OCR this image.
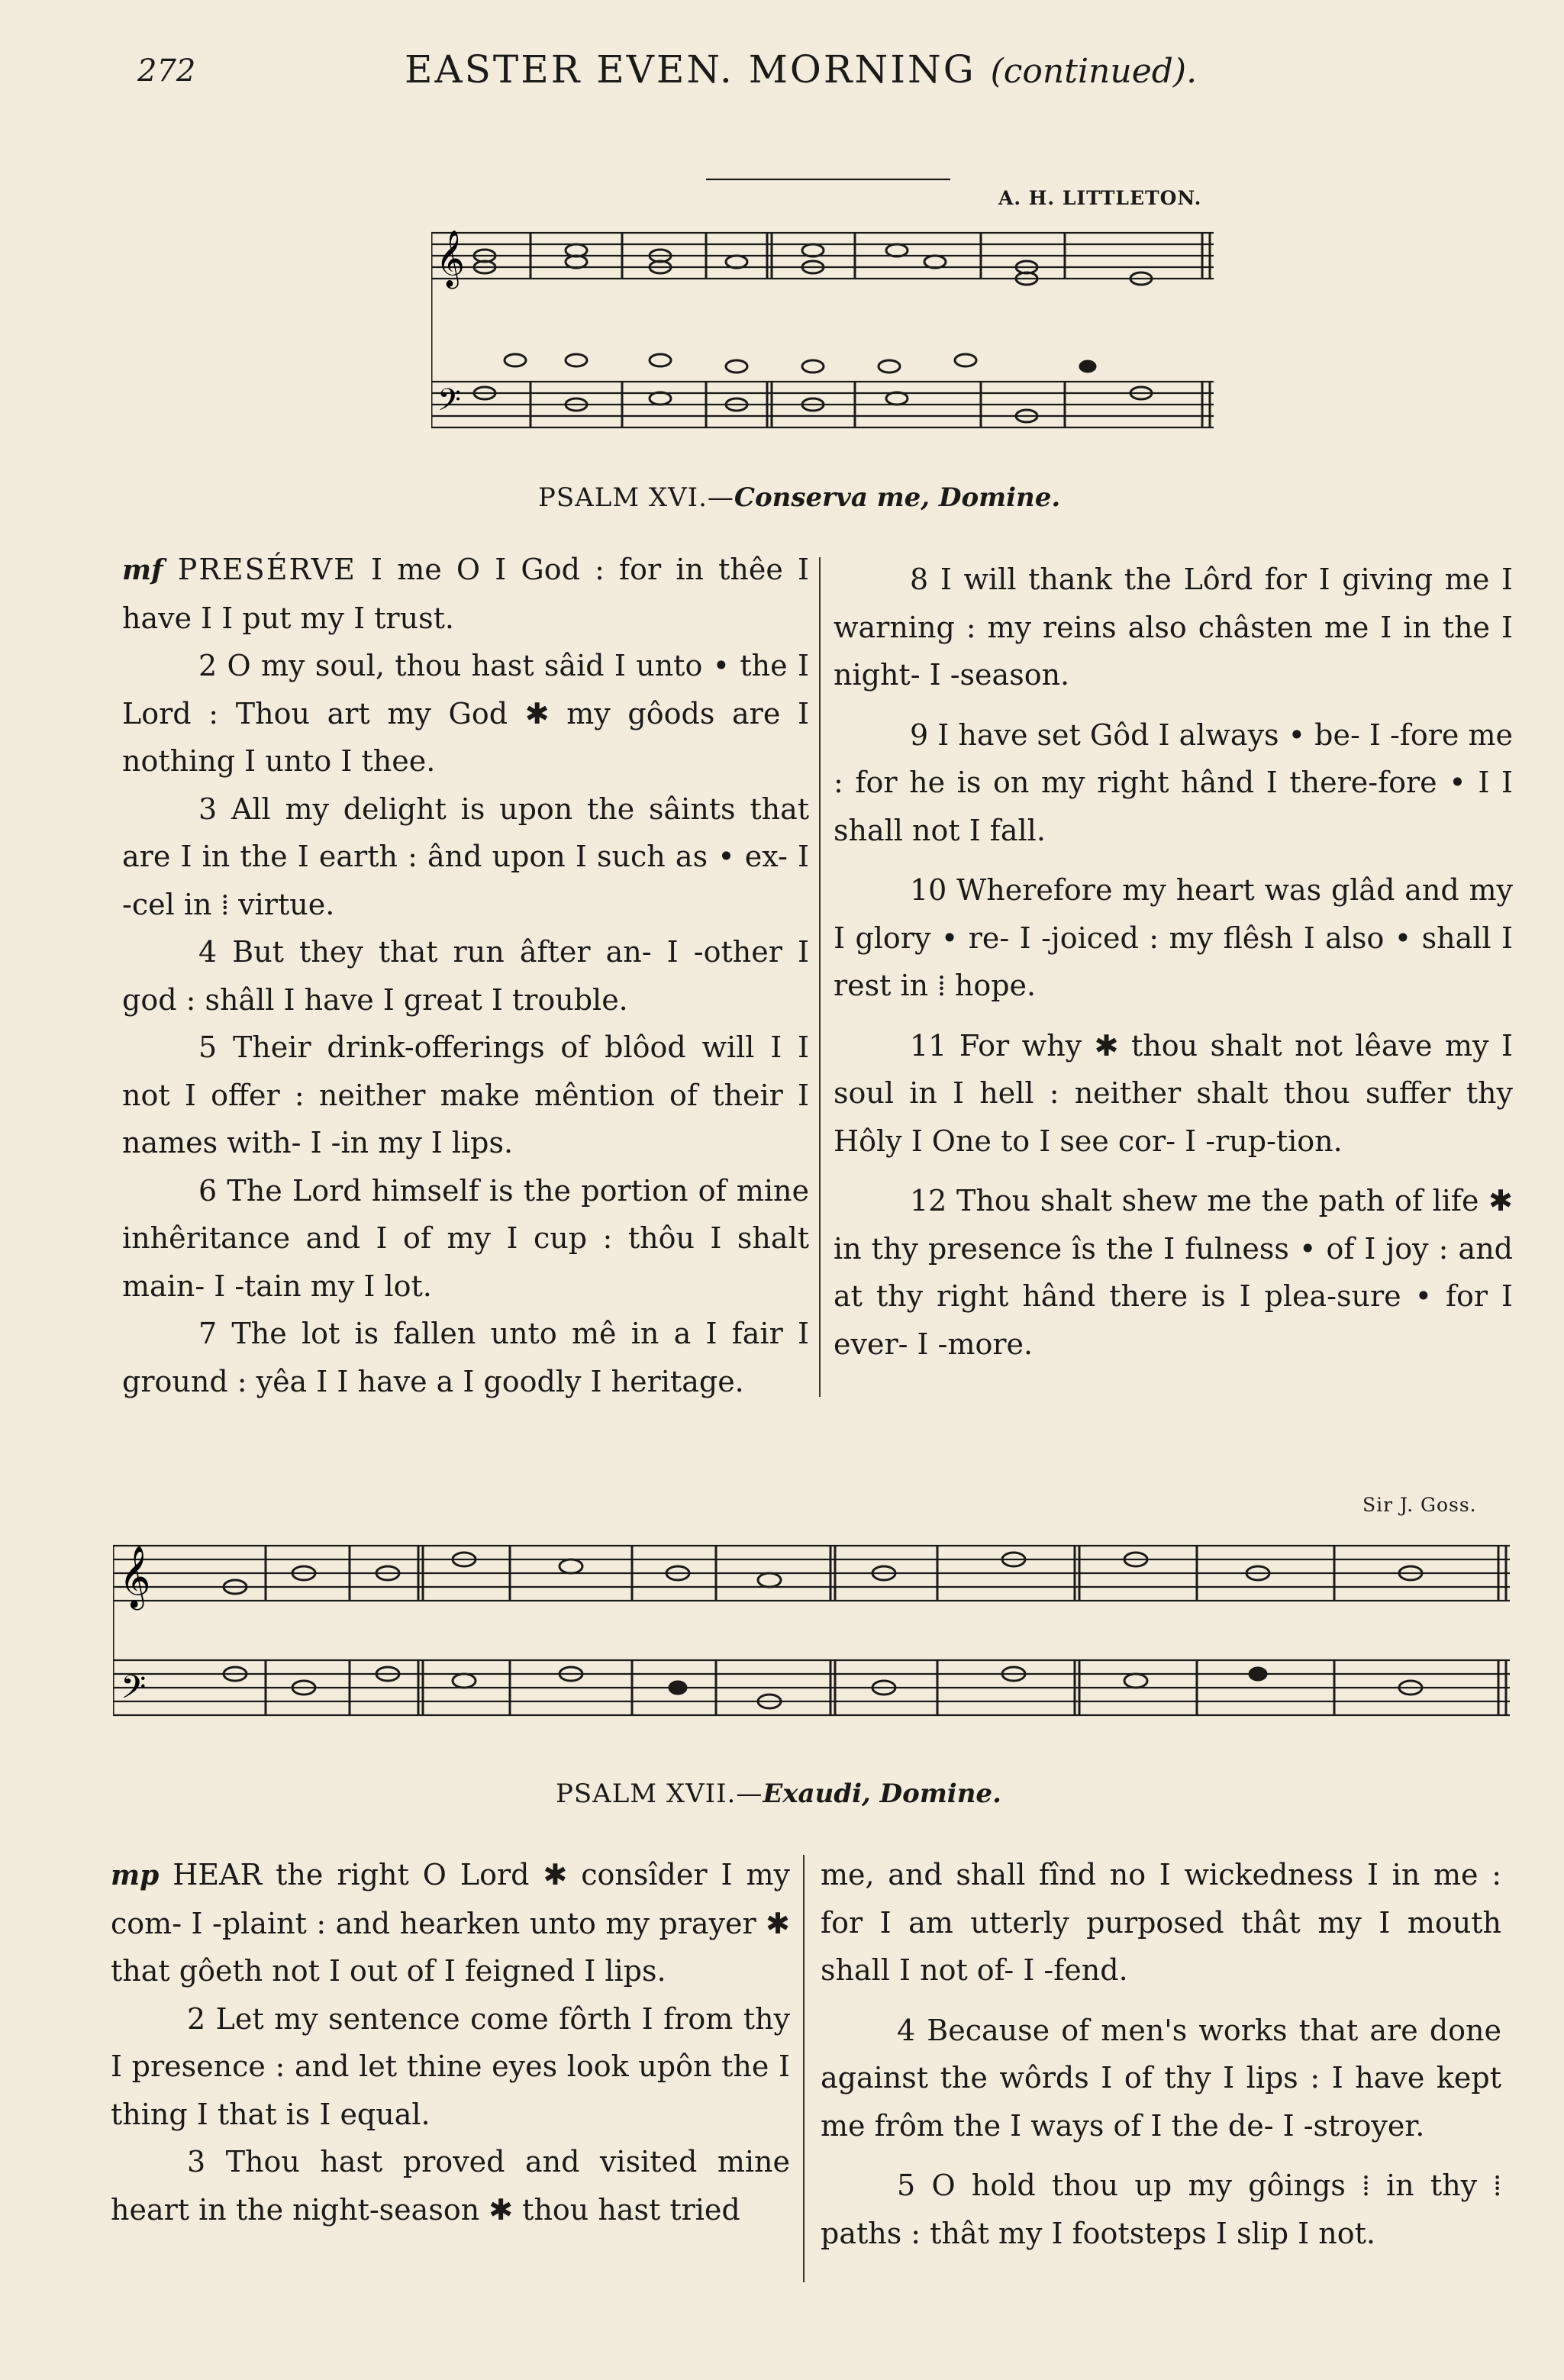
272	EASTER EVEN. MORNING (continued).
A. H. LITTLETON.
𝄞
𝄢
PSALM XVI.—Conserva me, Domine.

mf PRESÉRVE I me O I God : for in thêe I have I I put my I trust.

2 O my soul, thou hast sâid I unto • the I Lord : Thou art my God ✱ my gôods are I nothing I unto I thee.

3 All my delight is upon the sâints that are I in the I earth : ând upon I such as • ex- I -cel in ⁞ virtue.

4 But they that run âfter an- I -other I god : shâll I have I great I trouble.

5 Their drink-offerings of blôod will I I not I offer : neither make mêntion of their I names with- I -in my I lips.

6 The Lord himself is the portion of mine inhêritance and I of my I cup : thôu I shalt main- I -tain my I lot.

7 The lot is fallen unto mê in a I fair I ground : yêa I I have a I goodly I heritage.

8 I will thank the Lôrd for I giving me I warning : my reins also châsten me I in the I night- I -season.

9 I have set Gôd I always • be- I -fore me : for he is on my right hând I there-fore • I I shall not I fall.

10 Wherefore my heart was glâd and my I glory • re- I -joiced : my flêsh I also • shall I rest in ⁞ hope.

11 For why ✱ thou shalt not lêave my I soul in I hell : neither shalt thou suffer thy Hôly I One to I see cor- I -rup-tion.

12 Thou shalt shew me the path of life ✱ in thy presence îs the I fulness • of I joy : and at thy right hând there is I plea-sure • for I ever- I -more.

Sir J. Goss.
𝄞
𝄢
PSALM XVII.—Exaudi, Domine.

mp HEAR the right O Lord ✱ consîder I my com- I -plaint : and hearken unto my prayer ✱ that gôeth not I out of I feigned I lips.

2 Let my sentence come fôrth I from thy I presence : and let thine eyes look upôn the I thing I that is I equal.

3 Thou hast proved and visited mine heart in the night-season ✱ thou hast tried

me, and shall fînd no I wickedness I in me : for I am utterly purposed thât my I mouth shall I not of- I -fend.

4 Because of men's works that are done against the wôrds I of thy I lips : I have kept me frôm the I ways of I the de- I -stroyer.

5 O hold thou up my gôings ⁞ in thy ⁞ paths : thât my I footsteps I slip I not.
